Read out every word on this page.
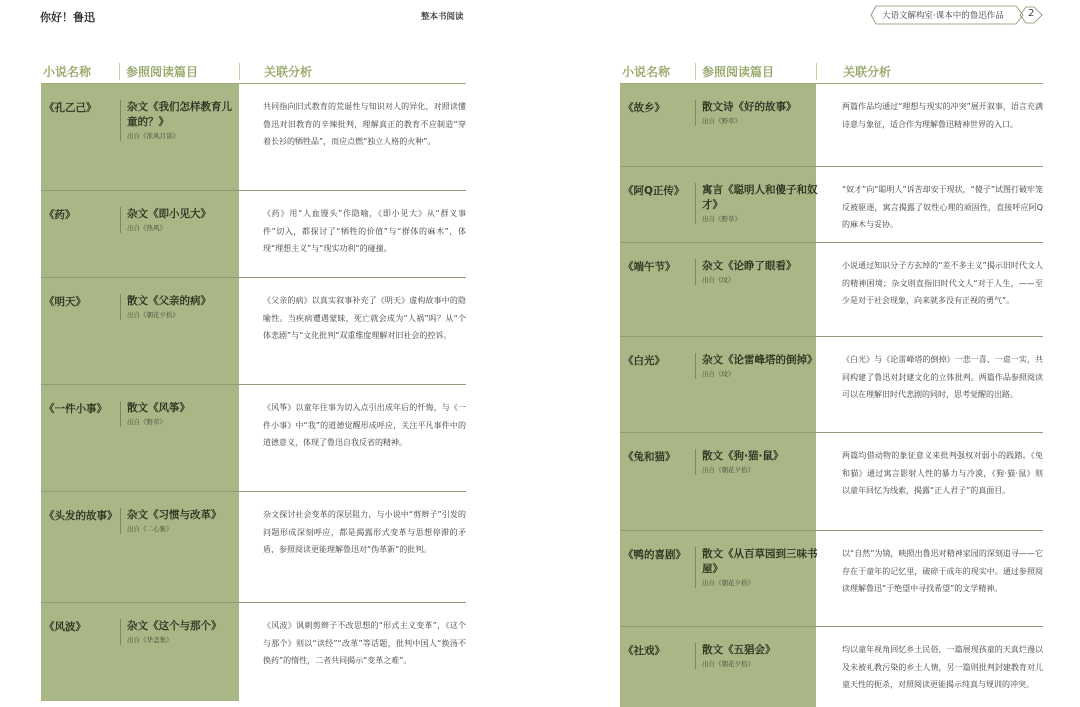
你好！鲁迅	整本书阅读	大语文解构室·课本中的鲁迅作品 2
小说名称	参照阅读篇目	关联分析
《孔乙己》	杂文《我们怎样教育儿童的？》
出自《准风月谈》
共同指向旧式教育的荒诞性与知识对人的异化，对照读懂鲁迅对旧教育的辛辣批判，理解真正的教育不应制造“穿着长衫的牺牲品”，而应点燃“独立人格的火种”。
《药》	杂文《即小见大》
出自《热风》
《药》用“人血馒头”作隐喻，《即小见大》从“群义事件”切入，都探讨了“牺牲的价值”与“群体的麻木”，体现“理想主义”与“现实功利”的碰撞。
《明天》	散文《父亲的病》
出自《朝花夕拾》
《父亲的病》以真实叙事补充了《明天》虚构故事中的隐喻性。当疾病遭遇蒙昧，死亡就会成为“人祸”吗？从“个体悲剧”与“文化批判”双重维度理解对旧社会的控诉。
《一件小事》 散文《风筝》
出自《野草》
《风筝》以童年往事为切入点引出成年后的忏悔，与《一件小事》中“我”的道德觉醒形成呼应，关注平凡事件中的道德意义，体现了鲁迅自我反省的精神。
《头发的故事》 杂文《习惯与改革》
出自《二心集》
杂文探讨社会变革的深层阻力，与小说中“剪辫子”引发的问题形成深刻呼应，都是揭露形式变革与思想停滞的矛盾，参照阅读更能理解鲁迅对“伪革新”的批判。
《风波》	杂文《这个与那个》
出自《华盖集》
《风波》讽刺剪辫子不改思想的“形式主义变革”，《这个与那个》则以“读经”“改革”等话题，批判中国人“换汤不换药”的惰性，二者共同揭示“变革之难”。
小说名称	参照阅读篇目	关联分析
《故乡》	散文诗《好的故事》
出自《野草》
两篇作品均通过“理想与现实的冲突”展开叙事，语言充满诗意与象征，适合作为理解鲁迅精神世界的入口。
《阿Q正传》 寓言《聪明人和傻子和奴才》
出自《野草》
“奴才”向“聪明人”诉苦却安于现状，“傻子”试图打破牢笼反被驱逐，寓言揭露了奴性心理的顽固性，直接呼应阿Q的麻木与妥协。
《端午节》	杂文《论睁了眼看》
出自《坟》
小说通过知识分子方玄绰的“差不多主义”揭示旧时代文人的精神困境；杂文则直指旧时代文人“对于人生，——至少是对于社会现象，向来就多没有正视的勇气”。
《白光》	杂文《论雷峰塔的倒掉》
出自《坟》
《白光》与《论雷峰塔的倒掉》一悲一喜、一虐一实，共同构建了鲁迅对封建文化的立体批判。两篇作品参照阅读可以在理解旧时代悲剧的同时，思考觉醒的出路。
《兔和猫》	散文《狗·猫·鼠》
出自《朝花夕拾》
两篇均借动物的象征意义来批判强权对弱小的践踏。《兔和猫》通过寓言影射人性的暴力与冷漠，《狗·猫·鼠》则以童年回忆为线索，揭露“正人君子”的真面目。
《鸭的喜剧》 散文《从百草园到三味书屋》
出自《朝花夕拾》
以“自然”为镜，映照出鲁迅对精神家园的深刻追寻——它存在于童年的记忆里，破碎于成年的现实中。通过参照阅读理解鲁迅“于绝望中寻找希望”的文学精神。
《社戏》	散文《五猖会》
出自《朝花夕拾》
均以童年视角回忆乡土民俗，一篇展现孩童的天真烂漫以及未被礼教污染的乡土人情，另一篇则批判封建教育对儿童天性的扼杀，对照阅读更能揭示纯真与规训的冲突。
